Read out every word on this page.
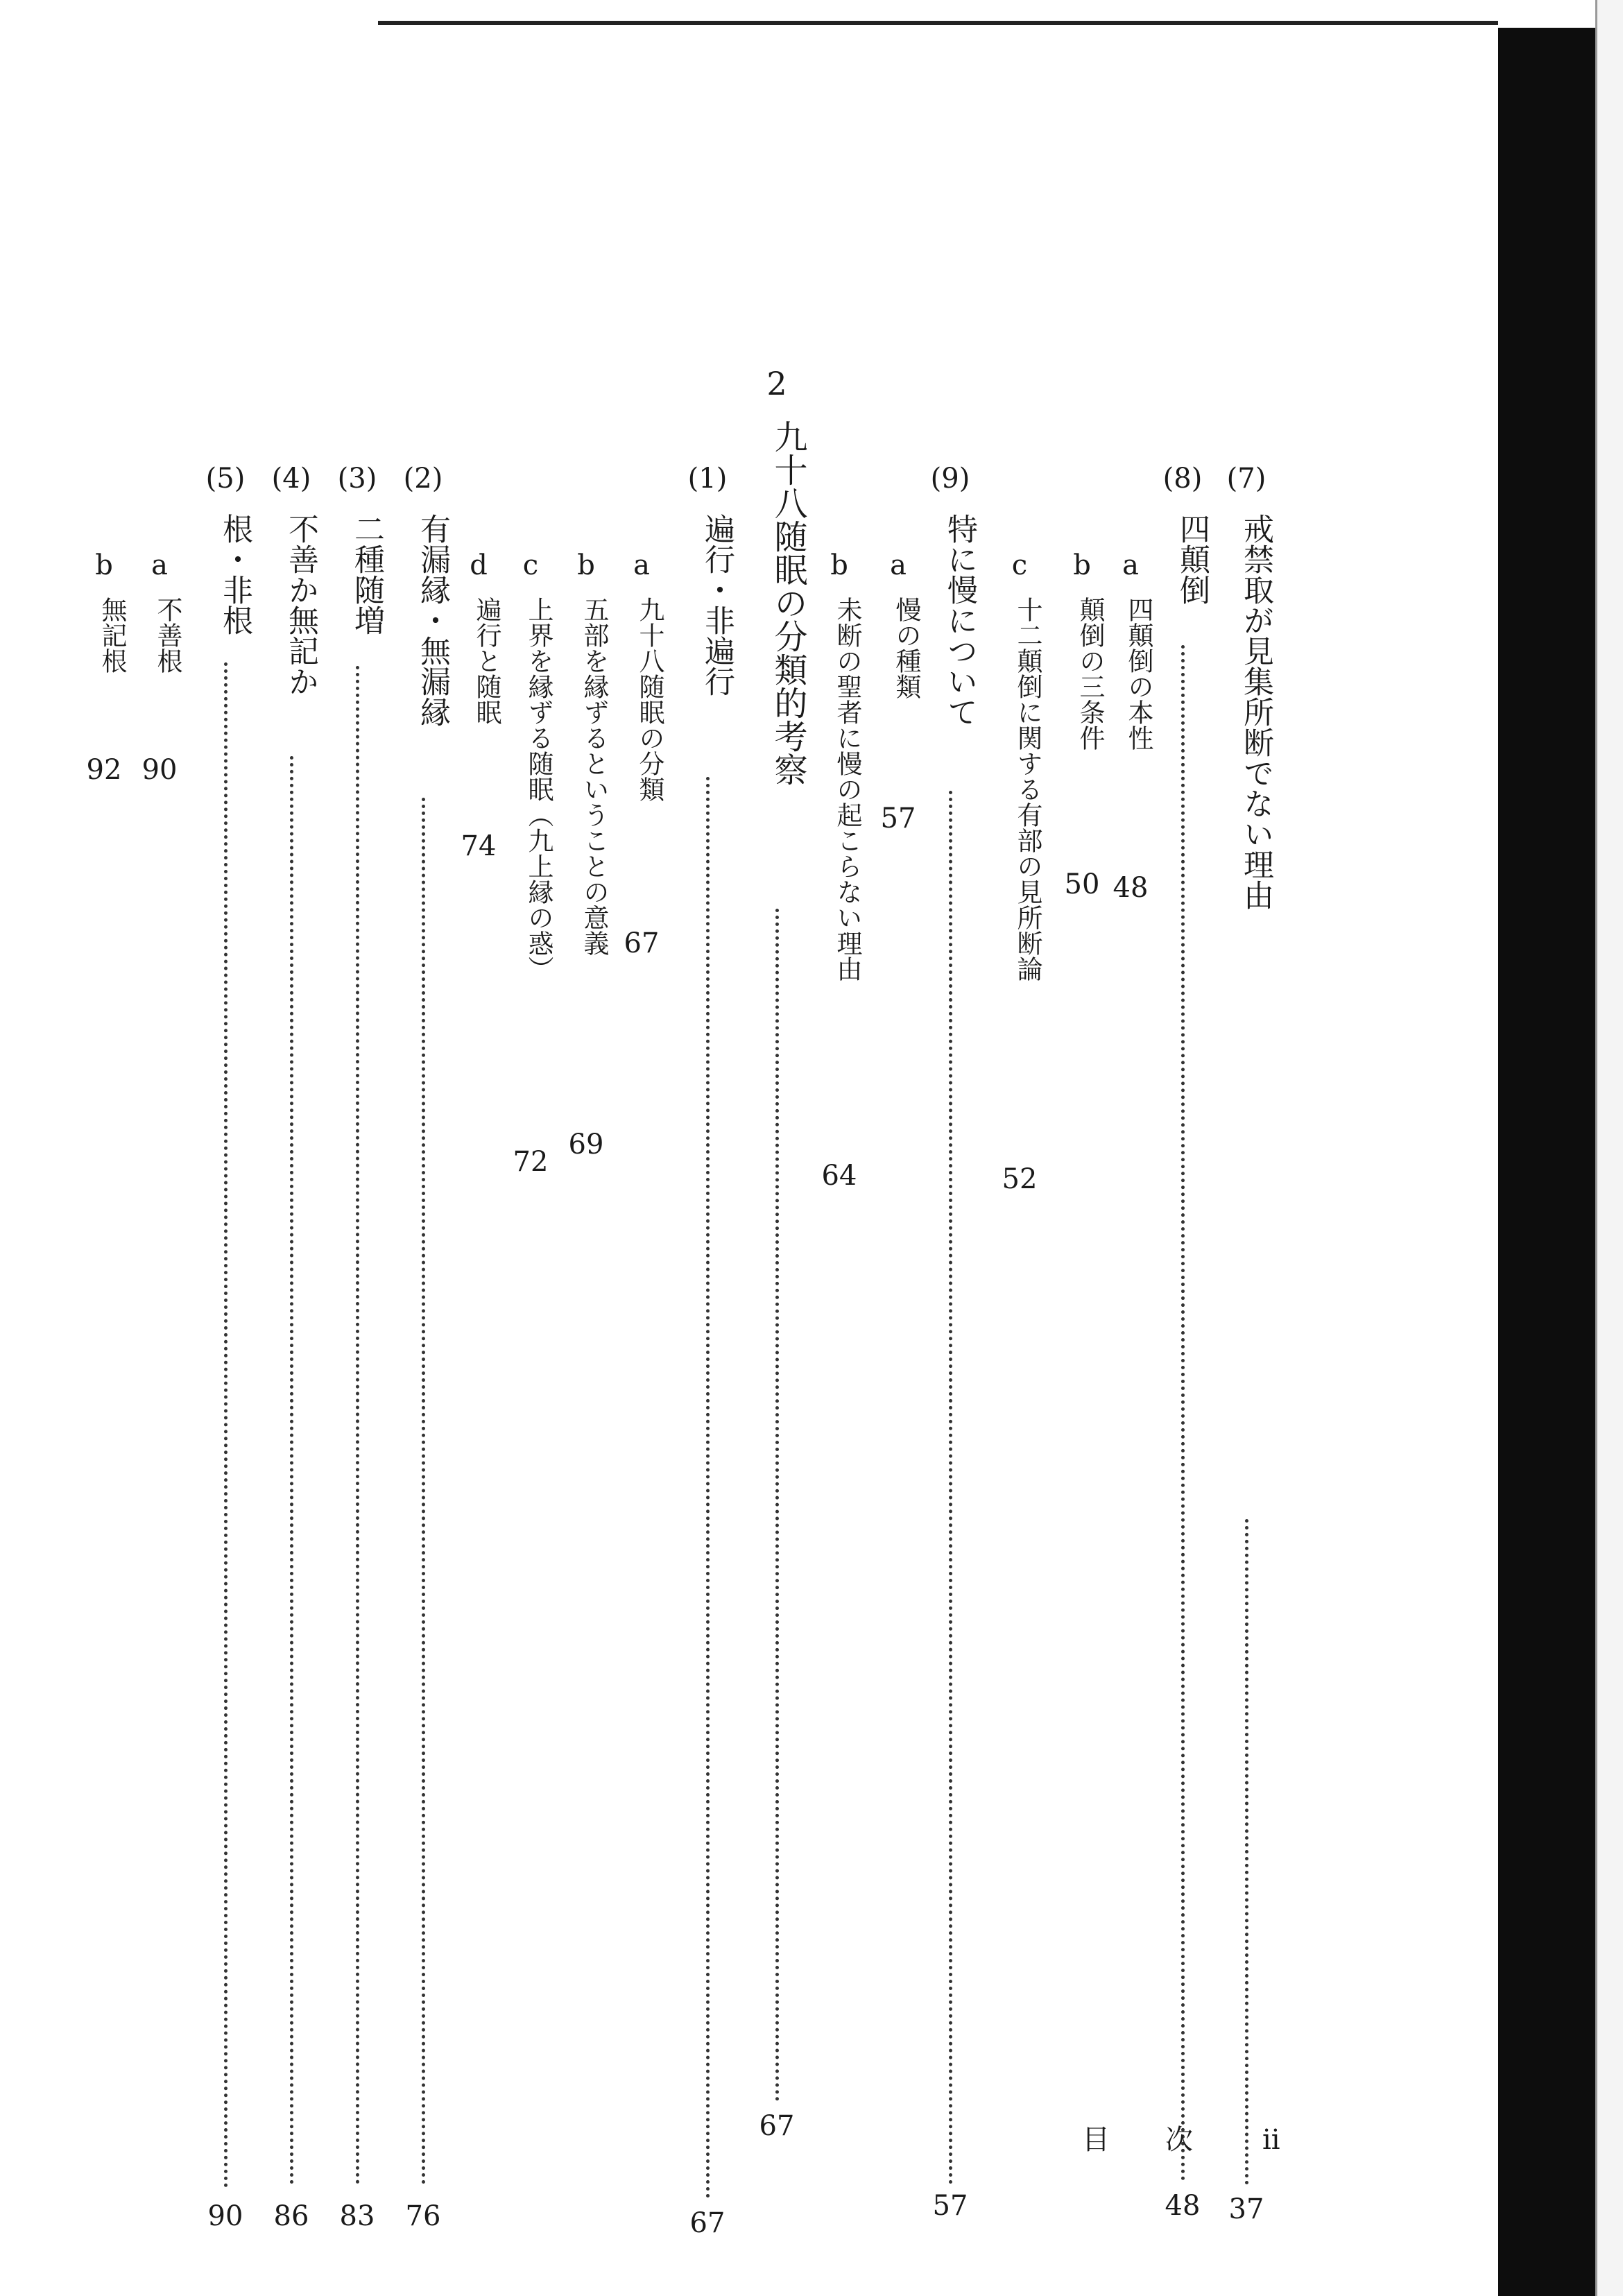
(7)
戒禁取が見集所断でない理由
37
(8)
四顛倒
48
a
四顛倒の本性
48
b
顛倒の三条件
50
c
十二顛倒に関する有部の見所断論
52
(9)
特に慢について
57
a
慢の種類
57
b
未断の聖者に慢の起こらない理由
64
2
九十八随眠の分類的考察
67
(1)
遍行・非遍行
67
a
九十八随眠の分類
67
b
五部を縁ずるということの意義
69
c
上界を縁ずる随眠（九上縁の惑）
72
d
遍行と随眠
74
(2)
有漏縁・無漏縁
76
(3)
二種随増
83
(4)
不善か無記か
86
(5)
根・非根
90
a
不善根
90
b
無記根
92
目　次 ii
